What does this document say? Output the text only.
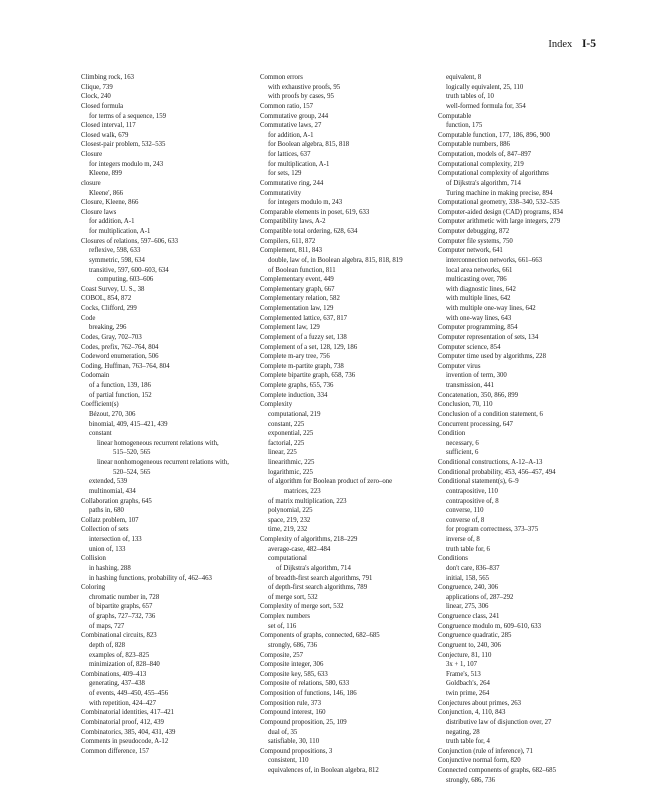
Index I-5
Climbing rock, 163
Clique, 739
Clock, 240
Closed formula
for terms of a sequence, 159
Closed interval, 117
Closed walk, 679
Closest-pair problem, 532–535
Closure
for integers modulo m, 243
Kleene, 899
closure
Kleene', 866
Closure, Kleene, 866
Closure laws
for addition, A-1
for multiplication, A-1
Closures of relations, 597–606, 633
reflexive, 598, 633
symmetric, 598, 634
transitive, 597, 600–603, 634
computing, 603–606
Coast Survey, U. S., 38
COBOL, 854, 872
Cocks, Clifford, 299
Code
breaking, 296
Codes, Gray, 702–703
Codes, prefix, 762–764, 804
Codeword enumeration, 506
Coding, Huffman, 763–764, 804
Codomain
of a function, 139, 186
of partial function, 152
Coefficient(s)
Bézout, 270, 306
binomial, 409, 415–421, 439
constant
linear homogeneous recurrent relations with,
515–520, 565
linear nonhomogeneous recurrent relations with,
520–524, 565
extended, 539
multinomial, 434
Collaboration graphs, 645
paths in, 680
Collatz problem, 107
Collection of sets
intersection of, 133
union of, 133
Collision
in hashing, 288
in hashing functions, probability of, 462–463
Coloring
chromatic number in, 728
of bipartite graphs, 657
of graphs, 727–732, 736
of maps, 727
Combinational circuits, 823
depth of, 828
examples of, 823–825
minimization of, 828–840
Combinations, 409–413
generating, 437–438
of events, 449–450, 455–456
with repetition, 424–427
Combinatorial identities, 417–421
Combinatorial proof, 412, 439
Combinatorics, 385, 404, 431, 439
Comments in pseudocode, A-12
Common difference, 157
Common errors
with exhaustive proofs, 95
with proofs by cases, 95
Common ratio, 157
Commutative group, 244
Commutative laws, 27
for addition, A-1
for Boolean algebra, 815, 818
for lattices, 637
for multiplication, A-1
for sets, 129
Commutative ring, 244
Commutativity
for integers modulo m, 243
Comparable elements in poset, 619, 633
Compatibility laws, A-2
Compatible total ordering, 628, 634
Compilers, 611, 872
Complement, 811, 843
double, law of, in Boolean algebra, 815, 818, 819
of Boolean function, 811
Complementary event, 449
Complementary graph, 667
Complementary relation, 582
Complementation law, 129
Complemented lattice, 637, 817
Complement law, 129
Complement of a fuzzy set, 138
Complement of a set, 128, 129, 186
Complete m-ary tree, 756
Complete m-partite graph, 738
Complete bipartite graph, 658, 736
Complete graphs, 655, 736
Complete induction, 334
Complexity
computational, 219
constant, 225
exponential, 225
factorial, 225
linear, 225
linearithmic, 225
logarithmic, 225
of algorithm for Boolean product of zero–one
matrices, 223
of matrix multiplication, 223
polynomial, 225
space, 219, 232
time, 219, 232
Complexity of algorithms, 218–229
average-case, 482–484
computational
of Dijkstra's algorithm, 714
of breadth-first search algorithms, 791
of depth-first search algorithms, 789
of merge sort, 532
Complexity of merge sort, 532
Complex numbers
set of, 116
Components of graphs, connected, 682–685
strongly, 686, 736
Composite, 257
Composite integer, 306
Composite key, 585, 633
Composite of relations, 580, 633
Composition of functions, 146, 186
Composition rule, 373
Compound interest, 160
Compound proposition, 25, 109
dual of, 35
satisfiable, 30, 110
Compound propositions, 3
consistent, 110
equivalences of, in Boolean algebra, 812
equivalent, 8
logically equivalent, 25, 110
truth tables of, 10
well-formed formula for, 354
Computable
function, 175
Computable function, 177, 186, 896, 900
Computable numbers, 886
Computation, models of, 847–897
Computational complexity, 219
Computational complexity of algorithms
of Dijkstra's algorithm, 714
Turing machine in making precise, 894
Computational geometry, 338–340, 532–535
Computer-aided design (CAD) programs, 834
Computer arithmetic with large integers, 279
Computer debugging, 872
Computer file systems, 750
Computer network, 641
interconnection networks, 661–663
local area networks, 661
multicasting over, 786
with diagnostic lines, 642
with multiple lines, 642
with multiple one-way lines, 642
with one-way lines, 643
Computer programming, 854
Computer representation of sets, 134
Computer science, 854
Computer time used by algorithms, 228
Computer virus
invention of term, 300
transmission, 441
Concatenation, 350, 866, 899
Conclusion, 70, 110
Conclusion of a condition statement, 6
Concurrent processing, 647
Condition
necessary, 6
sufficient, 6
Conditional constructions, A-12–A-13
Conditional probability, 453, 456–457, 494
Conditional statement(s), 6–9
contrapositive, 110
contrapositive of, 8
converse, 110
converse of, 8
for program correctness, 373–375
inverse of, 8
truth table for, 6
Conditions
don't care, 836–837
initial, 158, 565
Congruence, 240, 306
applications of, 287–292
linear, 275, 306
Congruence class, 241
Congruence modulo m, 609–610, 633
Congruence quadratic, 285
Congruent to, 240, 306
Conjecture, 81, 110
3x + 1, 107
Frame's, 513
Goldbach's, 264
twin prime, 264
Conjectures about primes, 263
Conjunction, 4, 110, 843
distributive law of disjunction over, 27
negating, 28
truth table for, 4
Conjunction (rule of inference), 71
Conjunctive normal form, 820
Connected components of graphs, 682–685
strongly, 686, 736
